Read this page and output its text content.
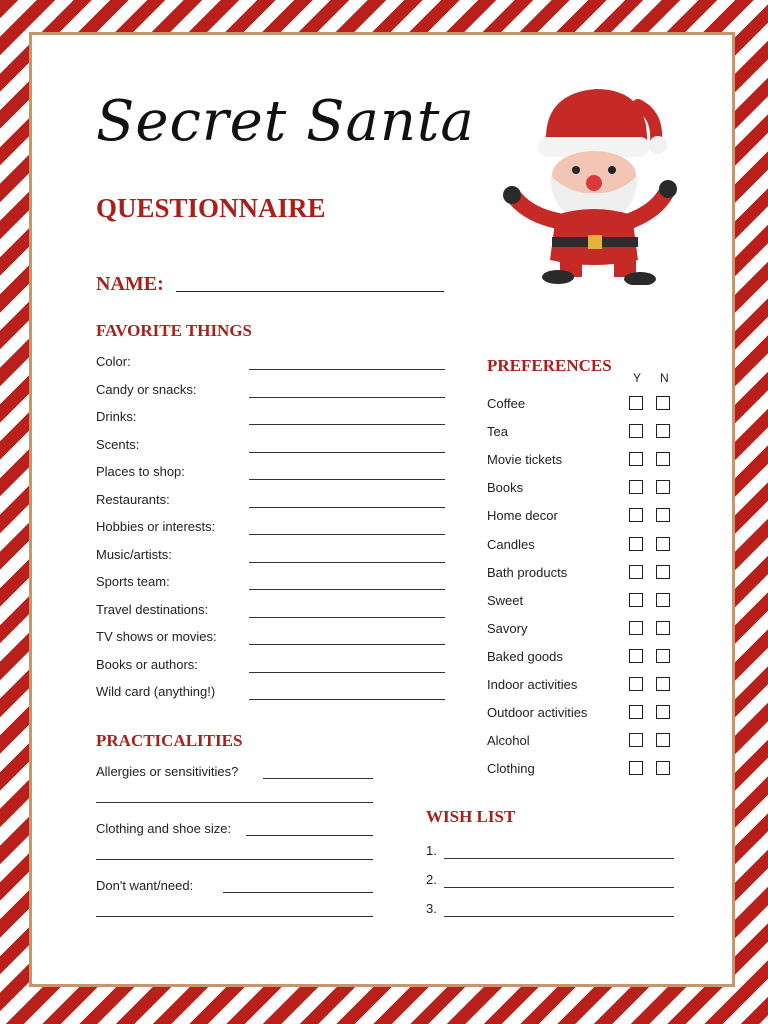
Secret Santa
QUESTIONNAIRE
NAME:
FAVORITE THINGS
Color:
Candy or snacks:
Drinks:
Scents:
Places to shop:
Restaurants:
Hobbies or interests:
Music/artists:
Sports team:
Travel destinations:
TV shows or movies:
Books or authors:
Wild card (anything!)
PRACTICALITIES
Allergies or sensitivities?
Clothing and shoe size:
Don't want/need:
PREFERENCES
Y N
Coffee
Tea
Movie tickets
Books
Home decor
Candles
Bath products
Sweet
Savory
Baked goods
Indoor activities
Outdoor activities
Alcohol
Clothing
WISH LIST
1.
2.
3.
